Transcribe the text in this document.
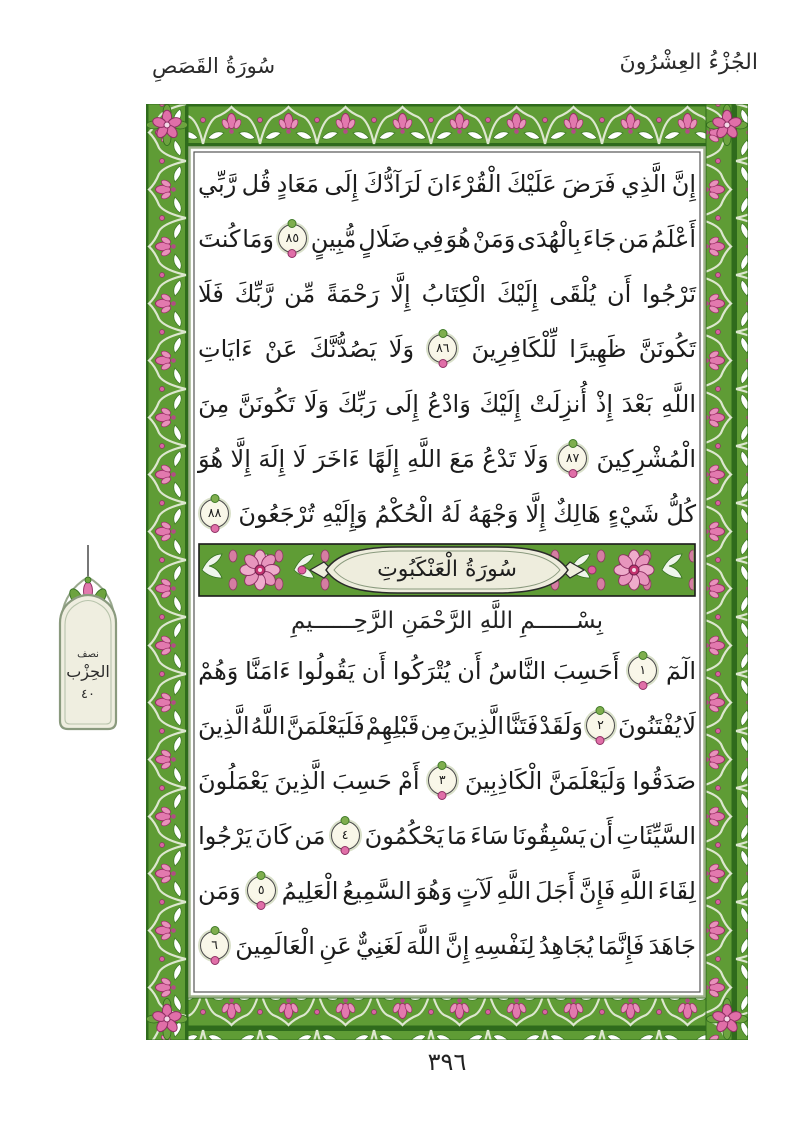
سُورَةُ القَصَصِ	الجُزْءُ العِشْرُونَ
إِنَّ
الَّذِي
فَرَضَ
عَلَيْكَ
الْقُرْءَانَ
لَرَآدُّكَ
إِلَى
مَعَادٍ
قُل
رَّبِّي
أَعْلَمُ
مَن
جَاءَ
بِالْهُدَى
وَمَنْ
هُوَ
فِي
ضَلَالٍ
مُّبِينٍ
٨٥
وَمَا
كُنتَ
تَرْجُوا
أَن
يُلْقَى
إِلَيْكَ
الْكِتَابُ
إِلَّا
رَحْمَةً
مِّن
رَّبِّكَ
فَلَا
تَكُونَنَّ
ظَهِيرًا
لِّلْكَافِرِينَ
٨٦
وَلَا
يَصُدُّنَّكَ
عَنْ
ءَايَاتِ
اللَّهِ
بَعْدَ
إِذْ
أُنزِلَتْ
إِلَيْكَ
وَادْعُ
إِلَى
رَبِّكَ
وَلَا
تَكُونَنَّ
مِنَ
الْمُشْرِكِينَ
٨٧
وَلَا
تَدْعُ
مَعَ
اللَّهِ
إِلَهًا
ءَاخَرَ
لَا
إِلَهَ
إِلَّا
هُوَ
كُلُّ
شَيْءٍ
هَالِكٌ
إِلَّا
وَجْهَهُ
لَهُ
الْحُكْمُ
وَإِلَيْهِ
تُرْجَعُونَ
٨٨
سُورَةُ الْعَنْكَبُوتِ
بِسْــــــمِ اللَّهِ الرَّحْمَنِ الرَّحِــــــيمِ
الٓمٓ
١
أَحَسِبَ
النَّاسُ
أَن
يُتْرَكُوا
أَن
يَقُولُوا
ءَامَنَّا
وَهُمْ
لَا
يُفْتَنُونَ
٢
وَلَقَدْ
فَتَنَّا
الَّذِينَ
مِن
قَبْلِهِمْ
فَلَيَعْلَمَنَّ
اللَّهُ
الَّذِينَ
صَدَقُوا
وَلَيَعْلَمَنَّ
الْكَاذِبِينَ
٣
أَمْ
حَسِبَ
الَّذِينَ
يَعْمَلُونَ
السَّيِّئَاتِ
أَن
يَسْبِقُونَا
سَاءَ
مَا
يَحْكُمُونَ
٤
مَن
كَانَ
يَرْجُوا
لِقَاءَ
اللَّهِ
فَإِنَّ
أَجَلَ
اللَّهِ
لَآتٍ
وَهُوَ
السَّمِيعُ
الْعَلِيمُ
٥
وَمَن
جَاهَدَ
فَإِنَّمَا
يُجَاهِدُ
لِنَفْسِهِ
إِنَّ
اللَّهَ
لَغَنِيٌّ
عَنِ
الْعَالَمِينَ
٦
نصف
الحِزْب
٤٠
٣٩٦
